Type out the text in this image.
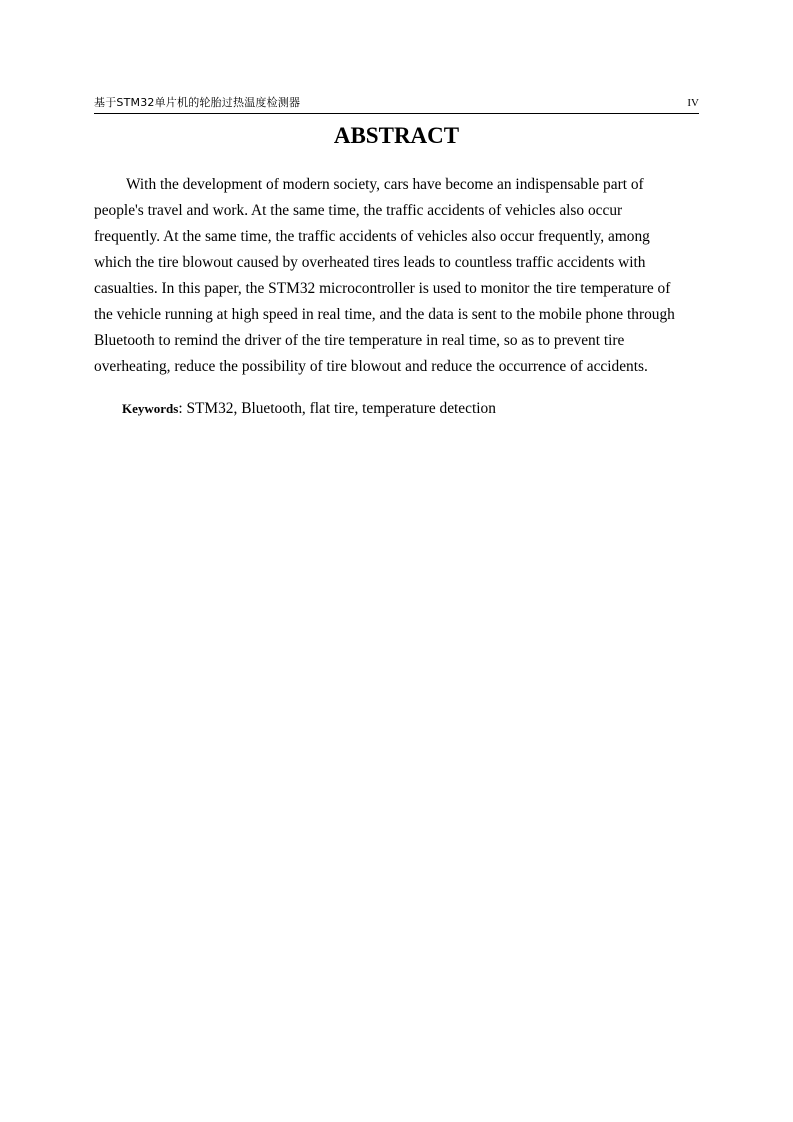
基于STM32单片机的轮胎过热温度检测器	IV
ABSTRACT
With the development of modern society, cars have become an indispensable part of
people's travel and work. At the same time, the traffic accidents of vehicles also occur
frequently. At the same time, the traffic accidents of vehicles also occur frequently, among
which the tire blowout caused by overheated tires leads to countless traffic accidents with
casualties. In this paper, the STM32 microcontroller is used to monitor the tire temperature of
the vehicle running at high speed in real time, and the data is sent to the mobile phone through
Bluetooth to remind the driver of the tire temperature in real time, so as to prevent tire
overheating, reduce the possibility of tire blowout and reduce the occurrence of accidents.
Keywords: STM32, Bluetooth, flat tire, temperature detection
